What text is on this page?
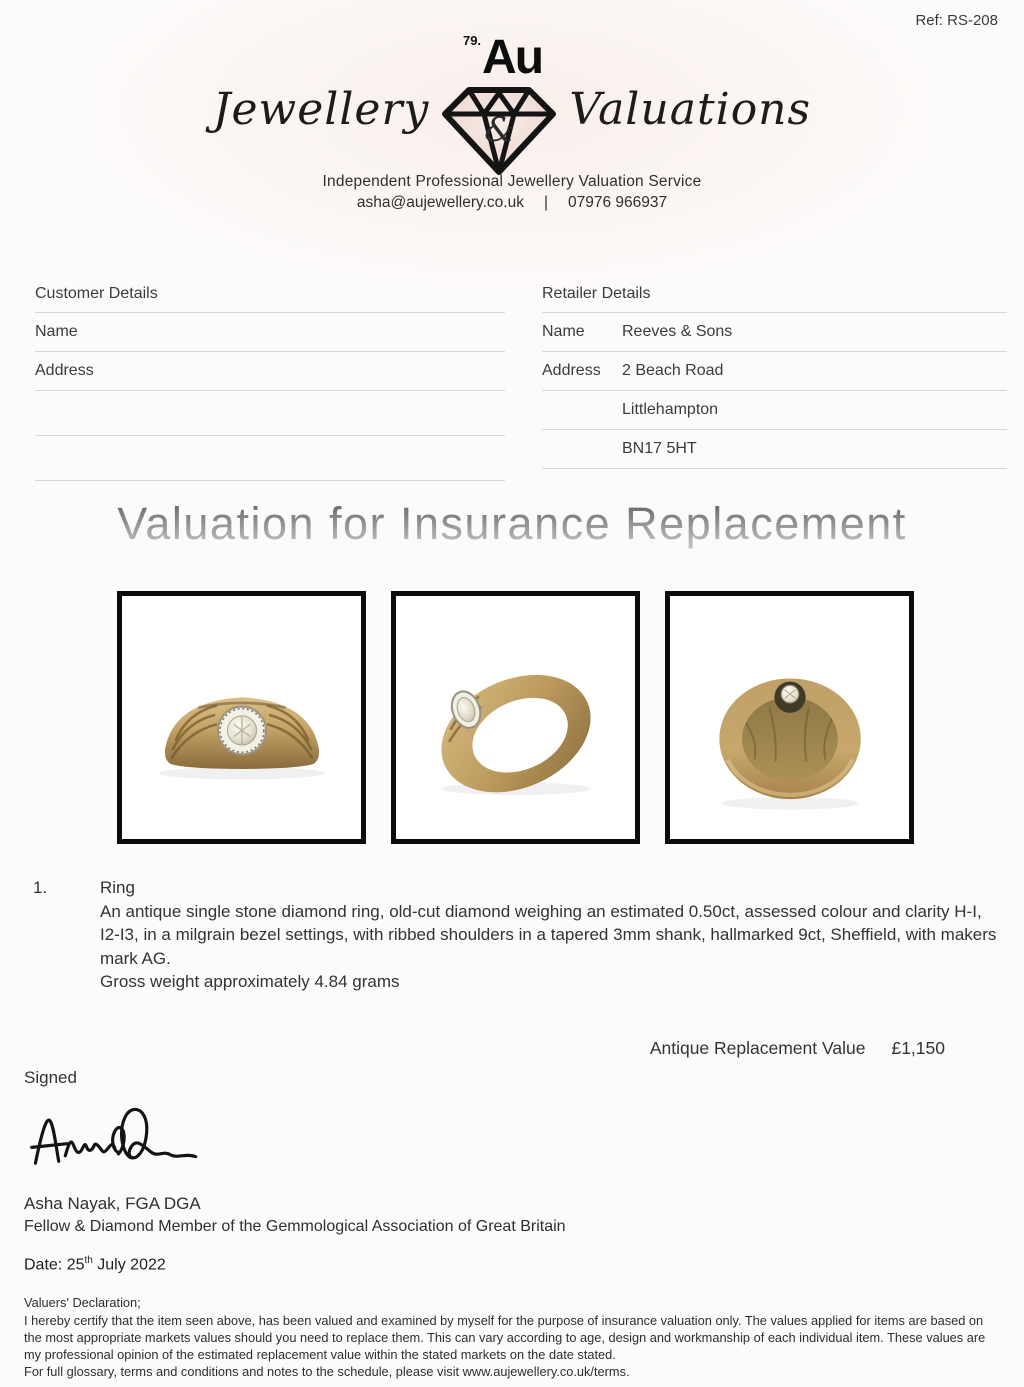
Ref: RS-208
Jewellery
79. Au
& Valuations
Independent Professional Jewellery Valuation Service
asha@aujewellery.co.uk | 07976 966937
Customer Details
Name
Address
Retailer Details
Name	Reeves & Sons
Address	2 Beach Road
Littlehampton
BN17 5HT
Valuation for Insurance Replacement
1.	Ring

An antique single stone diamond ring, old-cut diamond weighing an estimated 0.50ct, assessed colour and clarity H-I, I2-I3, in a milgrain bezel settings, with ribbed shoulders in a tapered 3mm shank, hallmarked 9ct, Sheffield, with makers mark AG.

Gross weight approximately 4.84 grams

Antique Replacement Value £1,150
Signed
Asha Nayak, FGA DGA
Fellow & Diamond Member of the Gemmological Association of Great Britain
Date: 25th July 2022
Valuers' Declaration;
I hereby certify that the item seen above, has been valued and examined by myself for the purpose of insurance valuation only. The values applied for items are based on the most appropriate markets values should you need to replace them. This can vary according to age, design and workmanship of each individual item. These values are my professional opinion of the estimated replacement value within the stated markets on the date stated.
For full glossary, terms and conditions and notes to the schedule, please visit www.aujewellery.co.uk/terms.
